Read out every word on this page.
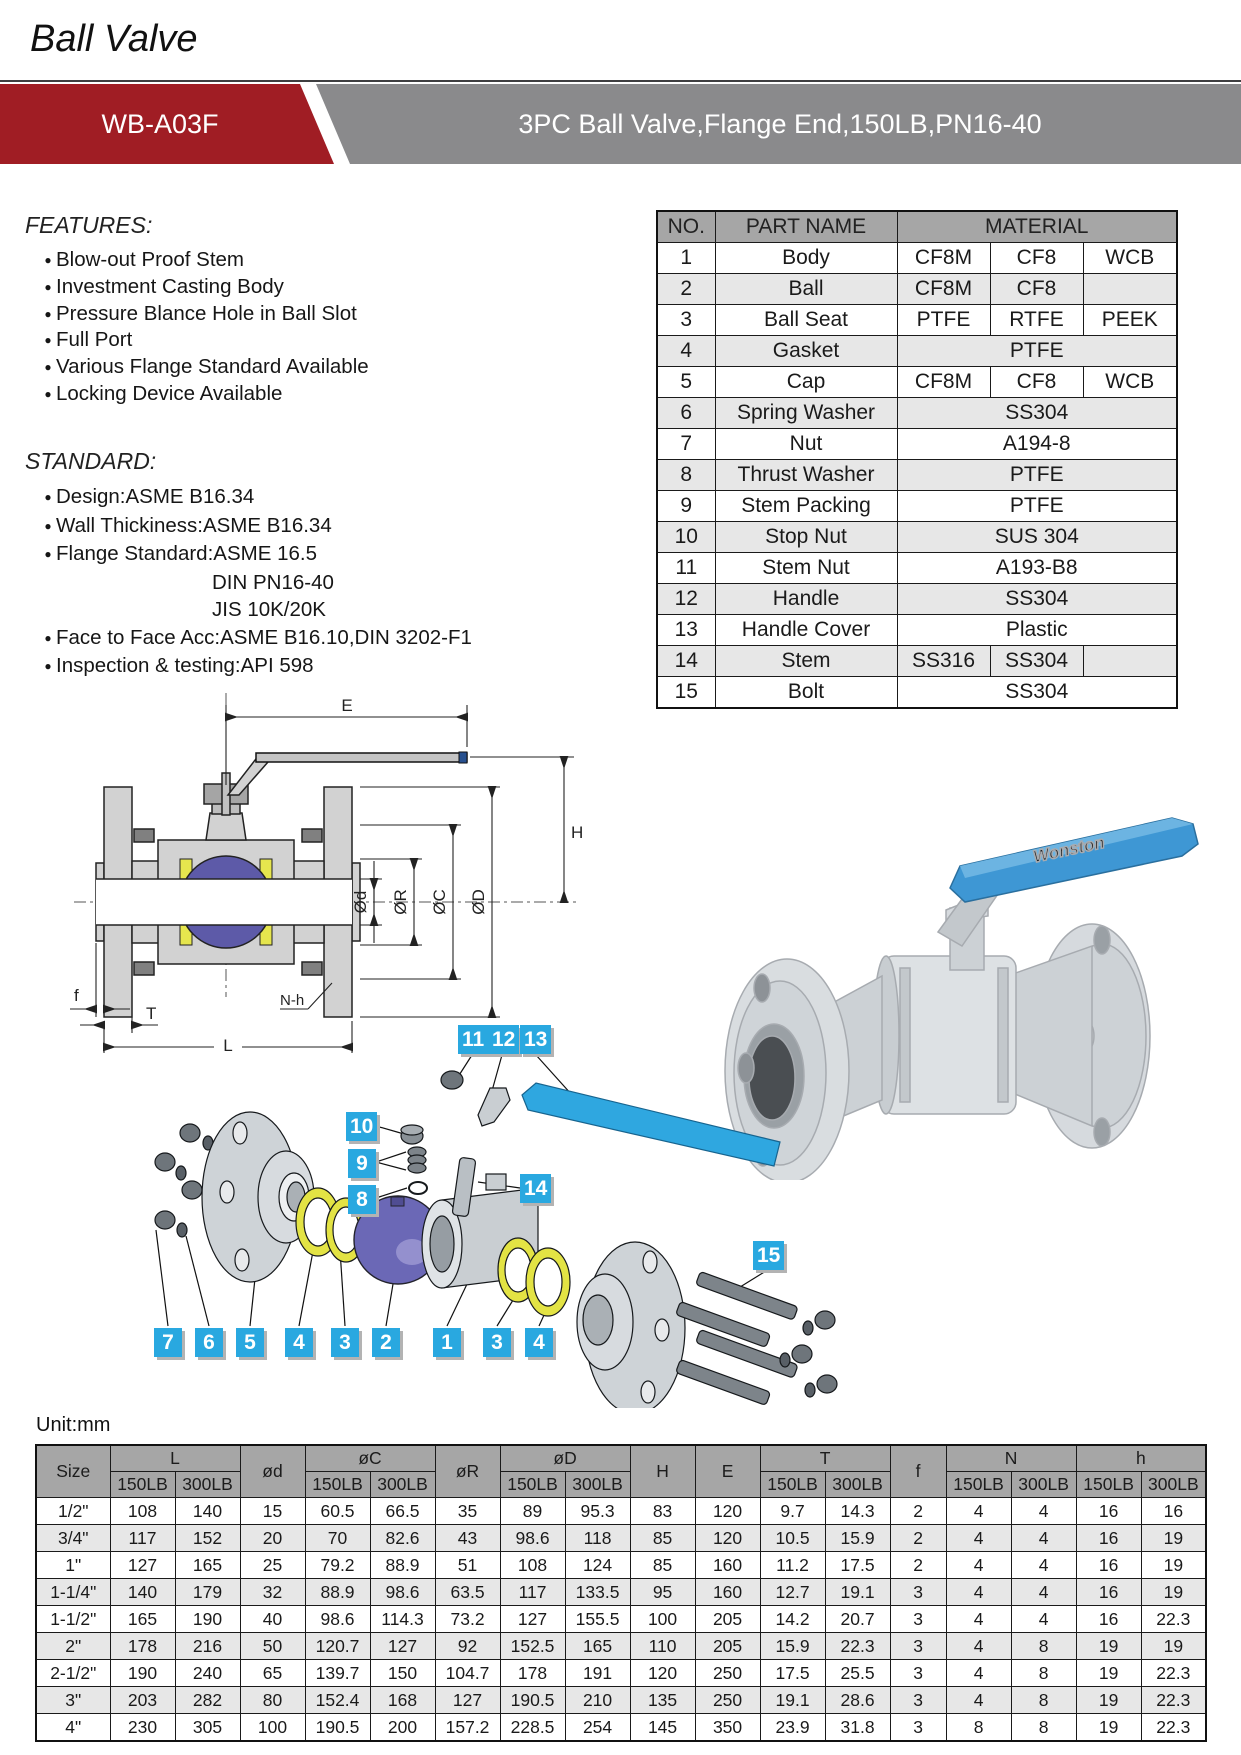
Ball Valve
WB-A03F	3PC Ball Valve,Flange End,150LB,PN16-40
FEATURES:
● Blow-out Proof Stem
● Investment Casting Body
● Pressure Blance Hole in Ball Slot
● Full Port
● Various Flange Standard Available
● Locking Device Available
STANDARD:
● Design:ASME B16.34
● Wall Thickiness:ASME B16.34
● Flange Standard:ASME 16.5
DIN PN16-40
JIS 10K/20K
● Face to Face Acc:ASME B16.10,DIN 3202-F1
● Inspection & testing:API 598
NO.	PART NAME	MATERIAL		
1	Body	CF8M	CF8	WCB
2	Ball	CF8M	CF8	
3	Ball Seat	PTFE	RTFE	PEEK
4	Gasket	PTFE		
5	Cap	CF8M	CF8	WCB
6	Spring Washer	SS304		
7	Nut	A194-8		
8	Thrust Washer	PTFE		
9	Stem Packing	PTFE		
10	Stop Nut	SUS 304		
11	Stem Nut	A193-B8		
12	Handle	SS304		
13	Handle Cover	Plastic		
14	Stem	SS316	SS304	
15	Bolt	SS304		
E
H
Ød ØR ØC ØD
f
T
L
N-h
Wonston
11 12 13
10
9
8	14
15
7	6	5	4	3	2	1	3	4
Unit:mm
Size	L		ød	øC		øR	øD		H	E	T		f	N		h	
	150LB	300LB		150LB	300LB		150LB	300LB			150LB	300LB		150LB	300LB	150LB	300LB
1/2"	108	140	15	60.5	66.5	35	89	95.3	83	120	9.7	14.3	2	4	4	16	16
3/4"	117	152	20	70	82.6	43	98.6	118	85	120	10.5	15.9	2	4	4	16	19
1"	127	165	25	79.2	88.9	51	108	124	85	160	11.2	17.5	2	4	4	16	19
1-1/4"	140	179	32	88.9	98.6	63.5	117	133.5	95	160	12.7	19.1	3	4	4	16	19
1-1/2"	165	190	40	98.6	114.3	73.2	127	155.5	100	205	14.2	20.7	3	4	4	16	22.3
2"	178	216	50	120.7	127	92	152.5	165	110	205	15.9	22.3	3	4	8	19	19
2-1/2"	190	240	65	139.7	150	104.7	178	191	120	250	17.5	25.5	3	4	8	19	22.3
3"	203	282	80	152.4	168	127	190.5	210	135	250	19.1	28.6	3	4	8	19	22.3
4"	230	305	100	190.5	200	157.2	228.5	254	145	350	23.9	31.8	3	8	8	19	22.3
